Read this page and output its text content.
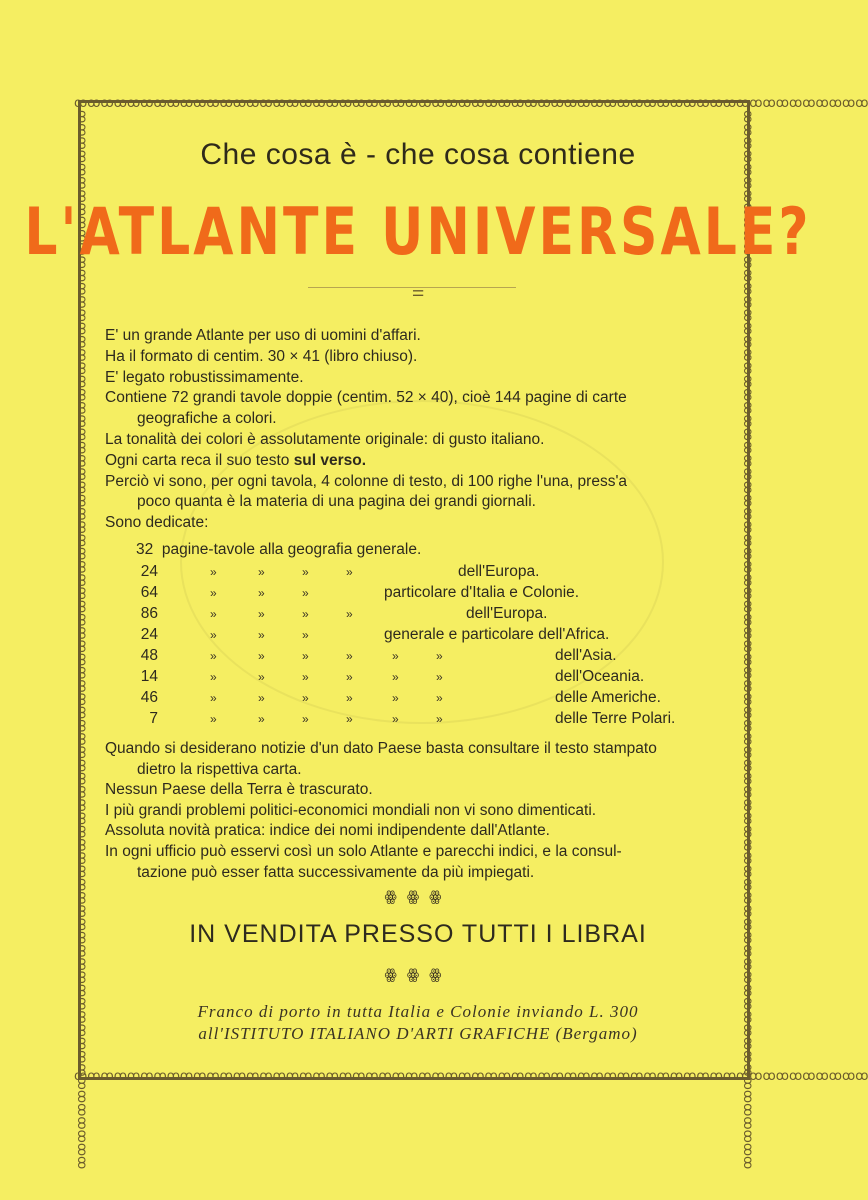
ꝏꝏꝏꝏꝏꝏꝏꝏꝏꝏꝏꝏꝏꝏꝏꝏꝏꝏꝏꝏꝏꝏꝏꝏꝏꝏꝏꝏꝏꝏꝏꝏꝏꝏꝏꝏꝏꝏꝏꝏꝏꝏꝏꝏꝏꝏꝏꝏꝏꝏꝏꝏꝏꝏꝏꝏꝏꝏꝏꝏ
ꝏꝏꝏꝏꝏꝏꝏꝏꝏꝏꝏꝏꝏꝏꝏꝏꝏꝏꝏꝏꝏꝏꝏꝏꝏꝏꝏꝏꝏꝏꝏꝏꝏꝏꝏꝏꝏꝏꝏꝏꝏꝏꝏꝏꝏꝏꝏꝏꝏꝏꝏꝏꝏꝏꝏꝏꝏꝏꝏꝏ
ꝏꝏꝏꝏꝏꝏꝏꝏꝏꝏꝏꝏꝏꝏꝏꝏꝏꝏꝏꝏꝏꝏꝏꝏꝏꝏꝏꝏꝏꝏꝏꝏꝏꝏꝏꝏꝏꝏꝏꝏꝏꝏꝏꝏꝏꝏꝏꝏꝏꝏꝏꝏꝏꝏꝏꝏꝏꝏꝏꝏꝏꝏꝏꝏꝏꝏꝏꝏꝏꝏꝏꝏꝏꝏꝏꝏꝏꝏꝏꝏ	ꝏꝏꝏꝏꝏꝏꝏꝏꝏꝏꝏꝏꝏꝏꝏꝏꝏꝏꝏꝏꝏꝏꝏꝏꝏꝏꝏꝏꝏꝏꝏꝏꝏꝏꝏꝏꝏꝏꝏꝏꝏꝏꝏꝏꝏꝏꝏꝏꝏꝏꝏꝏꝏꝏꝏꝏꝏꝏꝏꝏꝏꝏꝏꝏꝏꝏꝏꝏꝏꝏꝏꝏꝏꝏꝏꝏꝏꝏꝏꝏ
Che cosa è - che cosa contiene
L'ATLANTE UNIVERSALE?
⚌

E' un grande Atlante per uso di uomini d'affari.

Ha il formato di centim. 30 × 41 (libro chiuso).

E' legato robustissimamente.

Contiene 72 grandi tavole doppie (centim. 52 × 40), cioè 144 pagine di carte

geografiche a colori.

La tonalità dei colori è assolutamente originale: di gusto italiano.

Ogni carta reca il suo testo sul verso.

Perciò vi sono, per ogni tavola, 4 colonne di testo, di 100 righe l'una, press'a

poco quanta è la materia di una pagina dei grandi giornali.

Sono dedicate:

32 pagine-tavole alla geografia generale.
24	»	»	»	»	dell'Europa.
64	»	»	»	particolare d'Italia e Colonie.
86	»	»	»	»	dell'Europa.
24	»	»	»	generale e particolare dell'Africa.
48	»	»	»	»	»	»	dell'Asia.
14	»	»	»	»	»	»	dell'Oceania.
46	»	»	»	»	»	»	delle Americhe.
7	»	»	»	»	»	»	delle Terre Polari.

Quando si desiderano notizie d'un dato Paese basta consultare il testo stampato

dietro la rispettiva carta.

Nessun Paese della Terra è trascurato.

I più grandi problemi politici-economici mondiali non vi sono dimenticati.

Assoluta novità pratica: indice dei nomi indipendente dall'Atlante.

In ogni ufficio può esservi così un solo Atlante e parecchi indici, e la consul-

tazione può esser fatta successivamente da più impiegati.

ꙮꙮꙮ
IN VENDITA PRESSO TUTTI I LIBRAI
ꙮꙮꙮ
Franco di porto in tutta Italia e Colonie inviando L. 300
all'ISTITUTO ITALIANO D'ARTI GRAFICHE (Bergamo)
